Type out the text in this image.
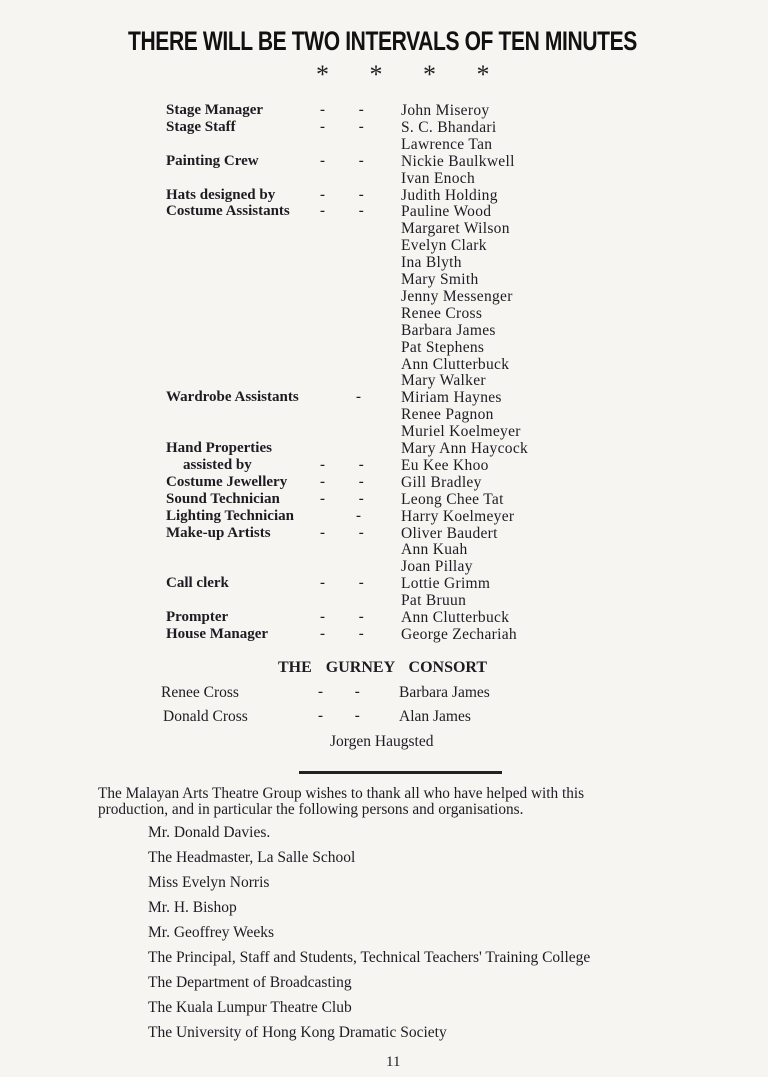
THERE WILL BE TWO INTERVALS OF TEN MINUTES
* * * *
Stage Manager	- - John Miseroy
Stage Staff	- - S. C. Bhandari
Lawrence Tan
Painting Crew	- - Nickie Baulkwell
Ivan Enoch
Hats designed by	- - Judith Holding
Costume Assistants - - Pauline Wood
Margaret Wilson
Evelyn Clark
Ina Blyth
Mary Smith
Jenny Messenger
Renee Cross
Barbara James
Pat Stephens
Ann Clutterbuck
Mary Walker
Wardrobe Assistants	-	Miriam Haynes
Renee Pagnon
Muriel Koelmeyer
Hand Properties	Mary Ann Haycock
assisted by	- - Eu Kee Khoo
Costume Jewellery - - Gill Bradley
Sound Technician	- - Leong Chee Tat
Lighting Technician	-	Harry Koelmeyer
Make-up Artists	- - Oliver Baudert
Ann Kuah
Joan Pillay
Call clerk	- - Lottie Grimm
Pat Bruun
Prompter	- - Ann Clutterbuck
House Manager	- - George Zechariah
THE GURNEY CONSORT
Renee Cross	- -	Barbara James
Donald Cross	- -	Alan James
Jorgen Haugsted
The Malayan Arts Theatre Group wishes to thank all who have helped with this
production, and in particular the following persons and organisations.
Mr. Donald Davies.
The Headmaster, La Salle School
Miss Evelyn Norris
Mr. H. Bishop
Mr. Geoffrey Weeks
The Principal, Staff and Students, Technical Teachers' Training College
The Department of Broadcasting
The Kuala Lumpur Theatre Club
The University of Hong Kong Dramatic Society
11
